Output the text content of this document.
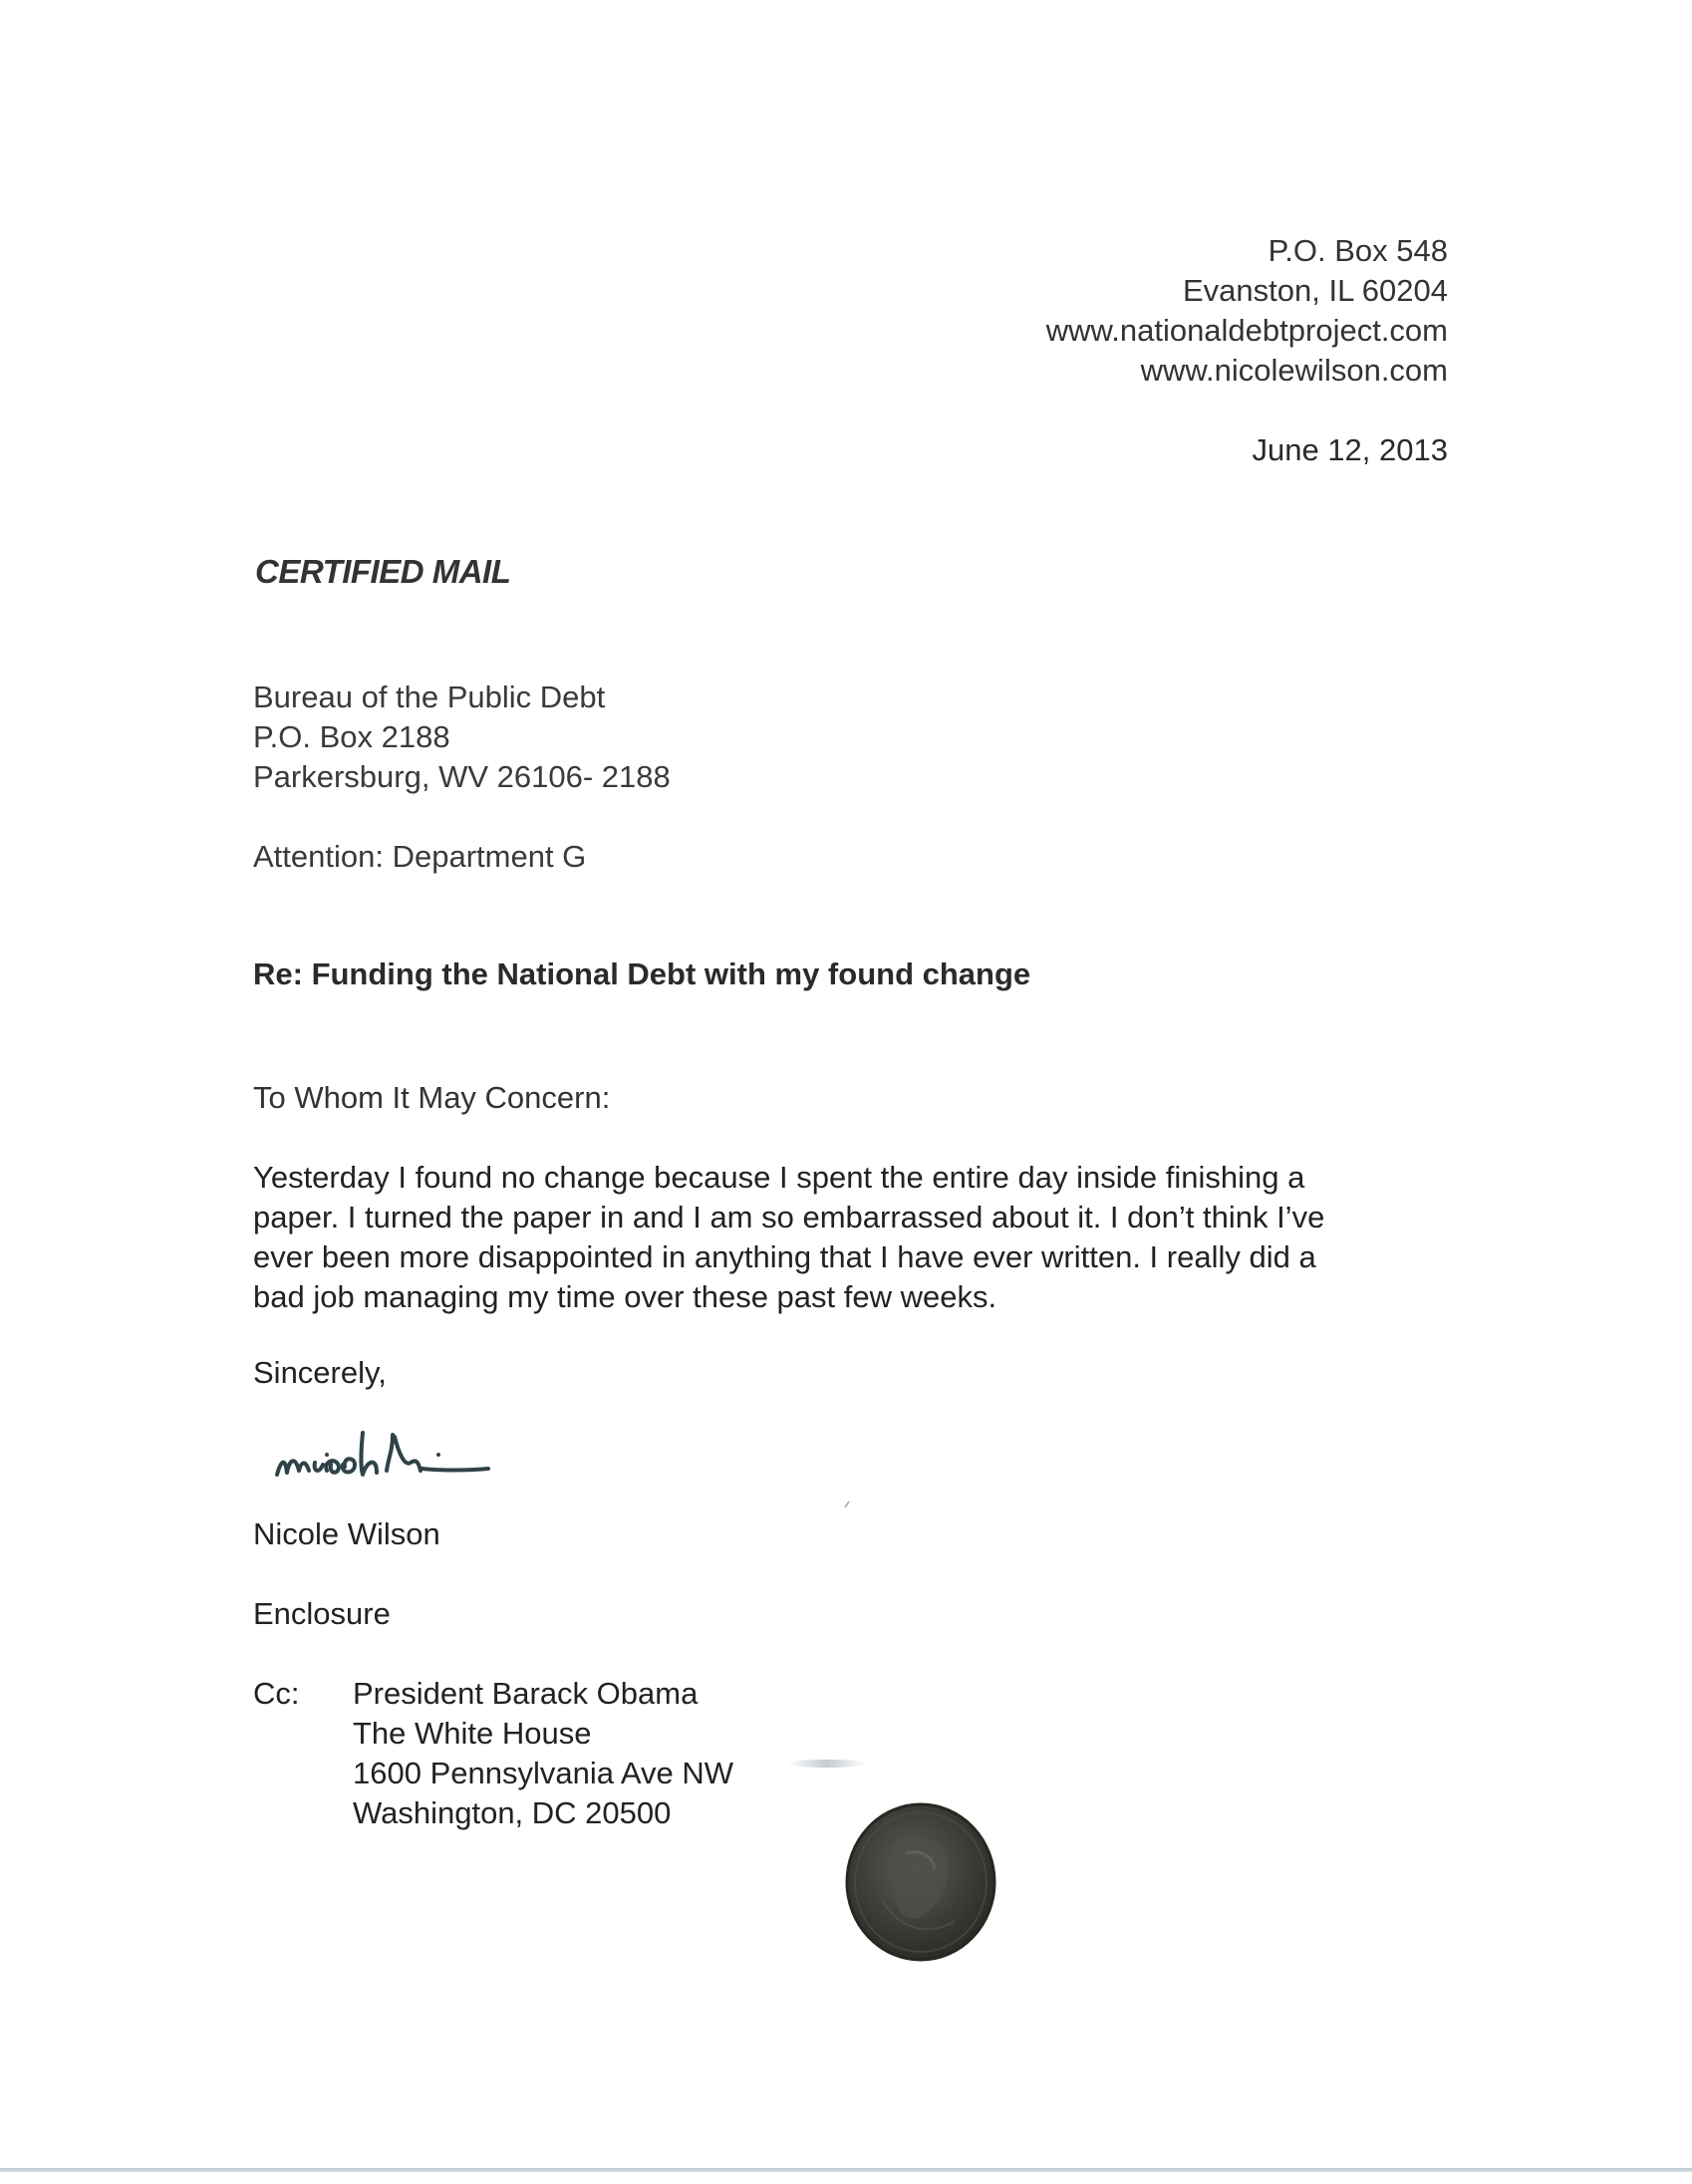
P.O. Box 548
Evanston, IL 60204
www.nationaldebtproject.com
www.nicolewilson.com
June 12, 2013
CERTIFIED MAIL
Bureau of the Public Debt
P.O. Box 2188
Parkersburg, WV 26106- 2188
Attention: Department G
Re: Funding the National Debt with my found change
To Whom It May Concern:
Yesterday I found no change because I spent the entire day inside finishing a
paper. I turned the paper in and I am so embarrassed about it. I don’t think I’ve
ever been more disappointed in anything that I have ever written. I really did a
bad job managing my time over these past few weeks.
Sincerely,
Nicole Wilson
Enclosure
Cc:	President Barack Obama
The White House
1600 Pennsylvania Ave NW
Washington, DC 20500
